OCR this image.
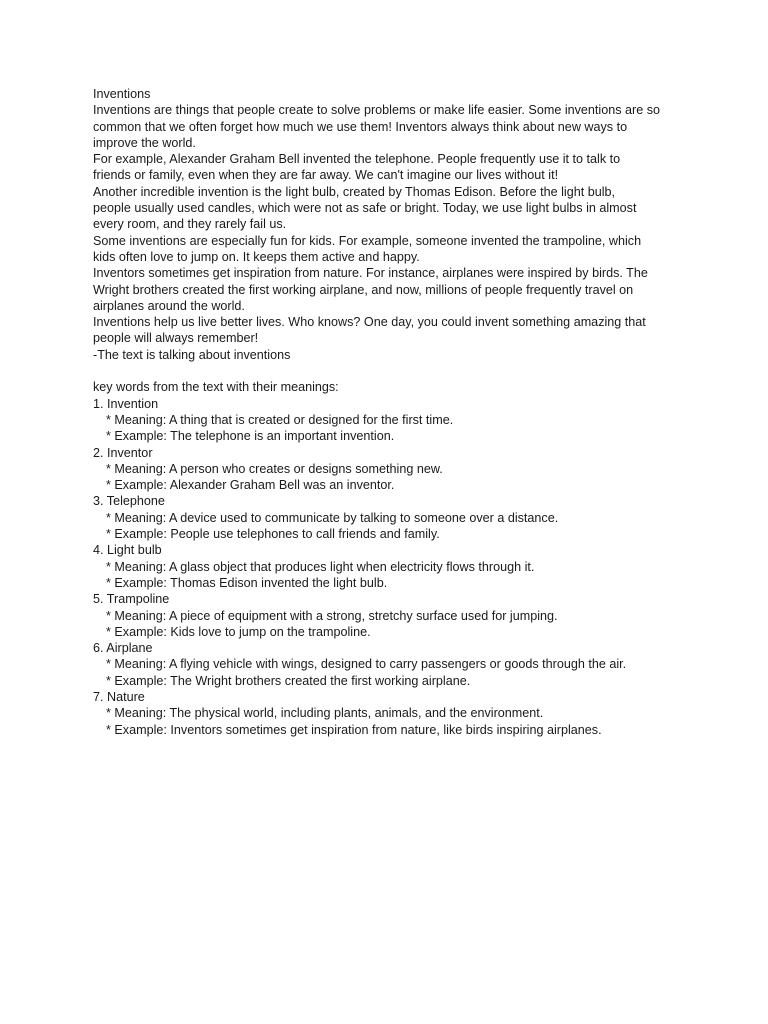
Inventions
Inventions are things that people create to solve problems or make life easier. Some inventions are so
common that we often forget how much we use them! Inventors always think about new ways to
improve the world.
For example, Alexander Graham Bell invented the telephone. People frequently use it to talk to
friends or family, even when they are far away. We can't imagine our lives without it!
Another incredible invention is the light bulb, created by Thomas Edison. Before the light bulb,
people usually used candles, which were not as safe or bright. Today, we use light bulbs in almost
every room, and they rarely fail us.
Some inventions are especially fun for kids. For example, someone invented the trampoline, which
kids often love to jump on. It keeps them active and happy.
Inventors sometimes get inspiration from nature. For instance, airplanes were inspired by birds. The
Wright brothers created the first working airplane, and now, millions of people frequently travel on
airplanes around the world.
Inventions help us live better lives. Who knows? One day, you could invent something amazing that
people will always remember!
-The text is talking about inventions
key words from the text with their meanings:
1. Invention
* Meaning: A thing that is created or designed for the first time.
* Example: The telephone is an important invention.
2. Inventor
* Meaning: A person who creates or designs something new.
* Example: Alexander Graham Bell was an inventor.
3. Telephone
* Meaning: A device used to communicate by talking to someone over a distance.
* Example: People use telephones to call friends and family.
4. Light bulb
* Meaning: A glass object that produces light when electricity flows through it.
* Example: Thomas Edison invented the light bulb.
5. Trampoline
* Meaning: A piece of equipment with a strong, stretchy surface used for jumping.
* Example: Kids love to jump on the trampoline.
6. Airplane
* Meaning: A flying vehicle with wings, designed to carry passengers or goods through the air.
* Example: The Wright brothers created the first working airplane.
7. Nature
* Meaning: The physical world, including plants, animals, and the environment.
* Example: Inventors sometimes get inspiration from nature, like birds inspiring airplanes.
